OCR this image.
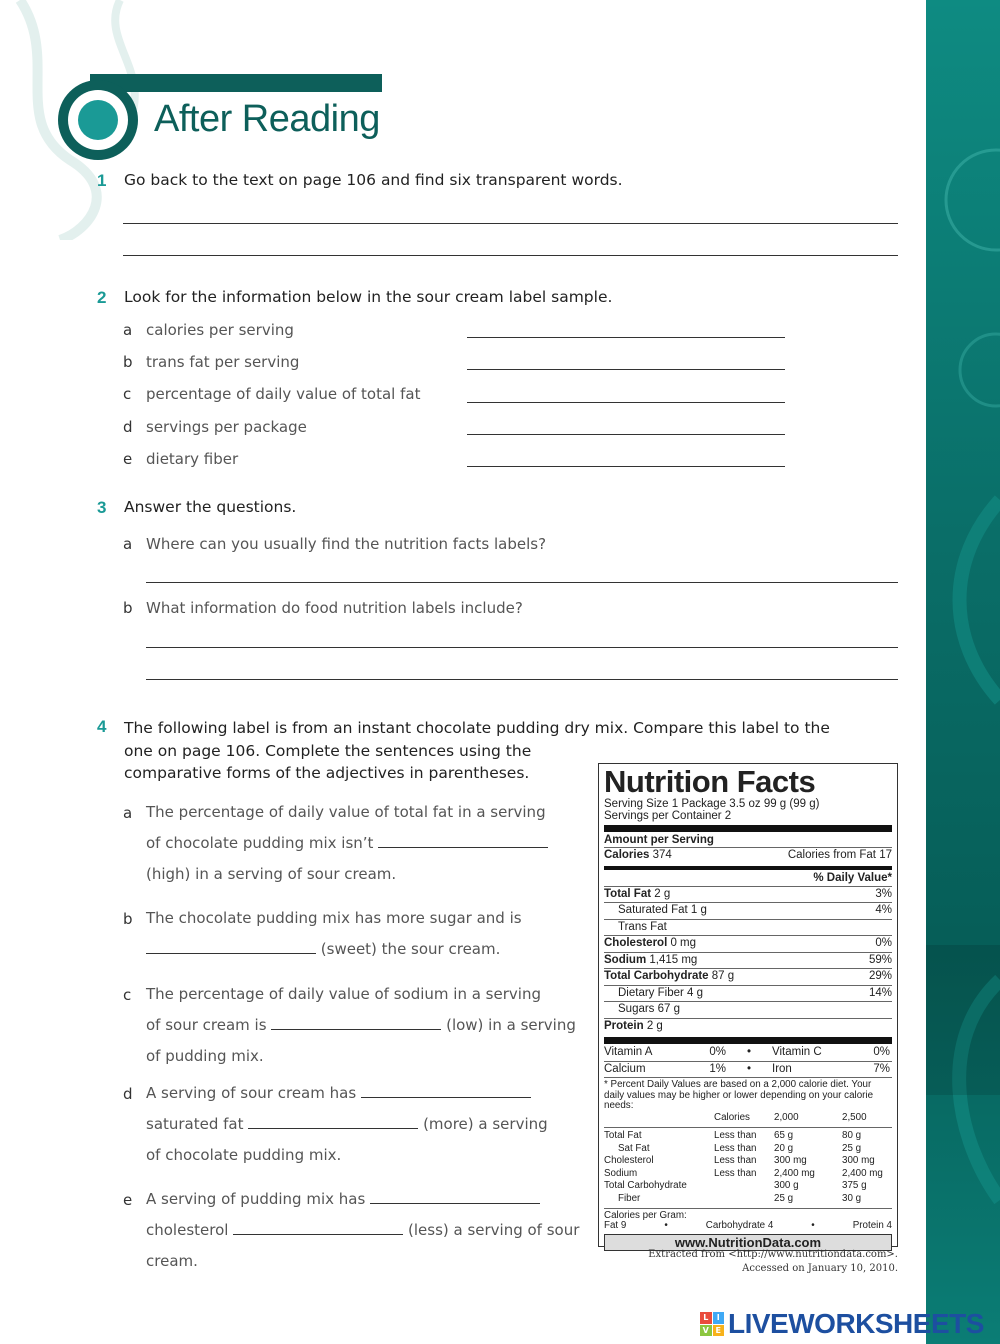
After Reading
1 Go back to the text on page 106 and find six transparent words.
2 Look for the information below in the sour cream label sample.
a calories per serving
b trans fat per serving
c percentage of daily value of total fat
d servings per package
e dietary fiber
3 Answer the questions.
a Where can you usually find the nutrition facts labels?
b What information do food nutrition labels include?
4 The following label is from an instant chocolate pudding dry mix. Compare this label to the
one on page 106. Complete the sentences using the
comparative forms of the adjectives in parentheses.
a The percentage of daily value of total fat in a serving
of chocolate pudding mix isn’t
(high) in a serving of sour cream.
b The chocolate pudding mix has more sugar and is
(sweet) the sour cream.
c The percentage of daily value of sodium in a serving
of sour cream is	(low) in a serving
of pudding mix.
d A serving of sour cream has
saturated fat	(more) a serving
of chocolate pudding mix.
e A serving of pudding mix has
cholesterol	(less) a serving of sour
cream.
Nutrition Facts
Serving Size 1 Package 3.5 oz 99 g (99 g)
Servings per Container 2
Amount per Serving
Calories 374	Calories from Fat 17
% Daily Value*
Total Fat 2 g	3%
Saturated Fat 1 g	4%
Trans Fat
Cholesterol 0 mg	0%
Sodium 1,415 mg	59%
Total Carbohydrate 87 g	29%
Dietary Fiber 4 g	14%
Sugars 67 g
Protein 2 g
Vitamin A	0%	•	Vitamin C	0%
Calcium	1%	•	Iron	7%
* Percent Daily Values are based on a 2,000 calorie diet. Your daily values may be higher or lower depending on your calorie needs:
Calories	2,000	2,500
Total Fat	Less than	65 g	80 g
Sat Fat	Less than	20 g	25 g
Cholesterol	Less than	300 mg	300 mg
Sodium	Less than	2,400 mg	2,400 mg
Total Carbohydrate	300 g	375 g
Fiber	25 g	30 g
Calories per Gram:
Fat 9	•	Carbohydrate 4	•	Protein 4
www.NutritionData.com
Extracted from <http://www.nutritiondata.com>.
Accessed on January 10, 2010.
L	I
V E LIVEWORKSHEETS
